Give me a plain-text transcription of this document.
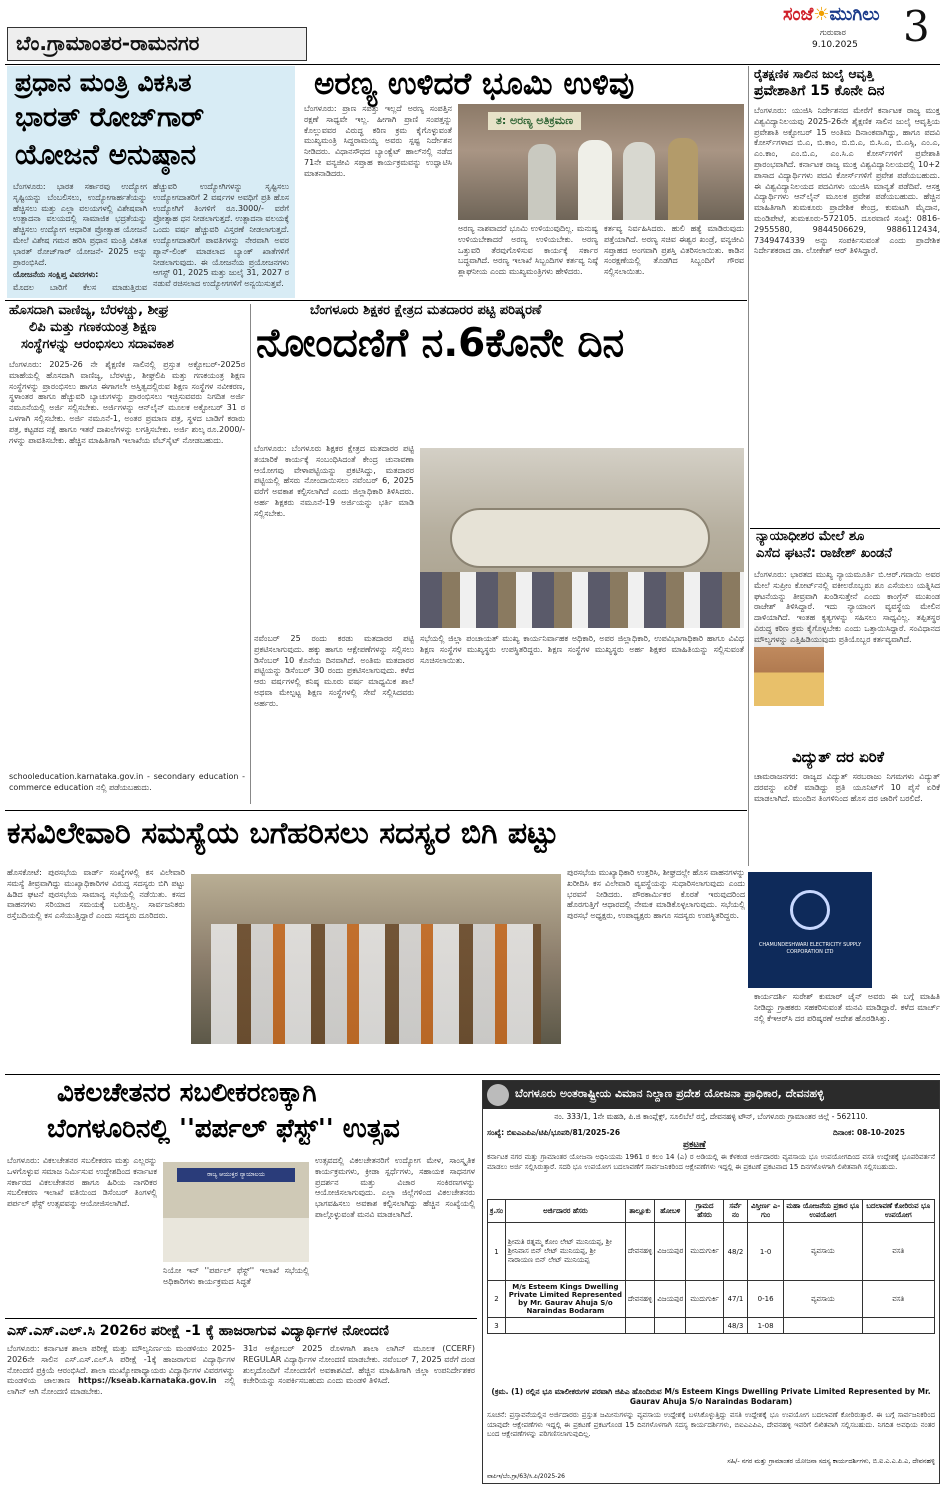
ಬೆಂ.ಗ್ರಾಮಾಂತರ-ರಾಮನಗರ
ಸಂಜೆ☀ಮುಗಿಲು
ಗುರುವಾರ
9.10.2025 3
ಪ್ರಧಾನ ಮಂತ್ರಿ ವಿಕಸಿತ
ಭಾರತ್ ರೋಜ್‌ಗಾರ್
ಯೋಜನೆ ಅನುಷ್ಠಾನ

ಬೆಂಗಳೂರು: ಭಾರತ ಸರ್ಕಾರವು ಉದ್ಯೋಗ ಸೃಷ್ಟಿಯನ್ನು ಬೆಂಬಲಿಸಲು, ಉದ್ಯೋಗಾರ್ಹತೆಯನ್ನು ಹೆಚ್ಚಿಸಲು ಮತ್ತು ಎಲ್ಲಾ ವಲಯಗಳಲ್ಲಿ ವಿಶೇಷವಾಗಿ ಉತ್ಪಾದನಾ ವಲಯದಲ್ಲಿ ಸಾಮಾಜಿಕ ಭದ್ರತೆಯನ್ನು ಹೆಚ್ಚಿಸಲು ಉದ್ಯೋಗ ಆಧಾರಿತ ಪ್ರೋತ್ಸಾಹ ಯೋಜನೆ ಮೇಲೆ ವಿಶೇಷ ಗಮನ ಹರಿಸಿ ಪ್ರಧಾನ ಮಂತ್ರಿ ವಿಕಸಿತ ಭಾರತ್ ರೋಜ್‌ಗಾರ್ ಯೋಜನೆ- 2025 ಅನ್ನು ಪ್ರಾರಂಭಿಸಿದೆ.

ಯೋಜನೆಯ ಸಂಕ್ಷಿಪ್ತ ವಿವರಗಳು:

ಮೊದಲ ಬಾರಿಗೆ ಕೆಲಸ ಮಾಡುತ್ತಿರುವ

ಹೆಚ್ಚುವರಿ ಉದ್ಯೋಗಿಗಳನ್ನು ಸೃಷ್ಟಿಸಲು ಉದ್ಯೋಗದಾತರಿಗೆ 2 ವರ್ಷಗಳ ಅವಧಿಗೆ ಪ್ರತಿ ಹೊಸ ಉದ್ಯೋಗಿಗೆ ತಿಂಗಳಿಗೆ ರೂ.3000/- ವರೆಗೆ ಪ್ರೋತ್ಸಾಹ ಧನ ನೀಡಲಾಗುತ್ತದೆ. ಉತ್ಪಾದನಾ ವಲಯಕ್ಕೆ ಒಂದು ವರ್ಷ ಹೆಚ್ಚುವರಿ ವಿಸ್ತರಣೆ ನೀಡಲಾಗುತ್ತದೆ. ಉದ್ಯೋಗದಾತರಿಗೆ ಪಾವತಿಗಳನ್ನು ನೇರವಾಗಿ ಅವರ ಪ್ಯಾನ್-ಲಿಂಕ್ ಮಾಡಲಾದ ಬ್ಯಾಂಕ್ ಖಾತೆಗಳಿಗೆ ನೀಡಲಾಗುವುದು. ಈ ಯೋಜನೆಯ ಪ್ರಯೋಜನಗಳು ಆಗಸ್ಟ್ 01, 2025 ಮತ್ತು ಜುಲೈ 31, 2027 ರ ನಡುವೆ ರಚಿಸಲಾದ ಉದ್ಯೋಗಗಳಿಗೆ ಅನ್ವಯಿಸುತ್ತವೆ.
ಅರಣ್ಯ ಉಳಿದರೆ ಭೂಮಿ ಉಳಿವು
ಬೆಂಗಳೂರು: ಪ್ರಾಣ ಸಪತ್ತು ಇಲ್ಲದೆ ಅರಣ್ಯ ಸಂಪತ್ತಿನ ರಕ್ಷಣೆ ಸಾಧ್ಯವೇ ಇಲ್ಲ. ಹೀಗಾಗಿ ಪ್ರಾಣಿ ಸಂಪತ್ತನ್ನು ಕೊಲ್ಲುವವರ ವಿರುದ್ಧ ಕಠಿಣ ಕ್ರಮ ಕೈಗೊಳ್ಳುವಂತೆ ಮುಖ್ಯಮಂತ್ರಿ ಸಿದ್ದರಾಮಯ್ಯ ಅವರು ಸ್ಪಷ್ಟ ನಿರ್ದೇಶನ ನೀಡಿದರು. ವಿಧಾನಸೌಧದ ಬ್ಯಾಂಕ್ವೆಟ್ ಹಾಲ್‌ನಲ್ಲಿ ನಡೆದ 71ನೇ ವನ್ಯಜೀವಿ ಸಪ್ತಾಹ ಕಾರ್ಯಕ್ರಮವನ್ನು ಉದ್ಘಾಟಿಸಿ ಮಾತನಾಡಿದರು.
ತ: ಅರಣ್ಯ ಅತಿಕ್ರಮಣ
ಅರಣ್ಯ ನಾಶವಾದರೆ ಭೂಮಿ ಉಳಿಯುವುದಿಲ್ಲ. ಮನುಷ್ಯ ಉಳಿಯಬೇಕಾದರೆ ಅರಣ್ಯ ಉಳಿಯಬೇಕು. ಅರಣ್ಯ ಒತ್ತುವರಿ ತೆರವುಗೊಳಿಸುವ ಕಾರ್ಯಕ್ಕೆ ಸರ್ಕಾರ ಬದ್ಧವಾಗಿದೆ. ಅರಣ್ಯ ಇಲಾಖೆ ಸಿಬ್ಬಂದಿಗಳ ಕರ್ತವ್ಯ ನಿಷ್ಠೆ ಶ್ಲಾಘನೀಯ ಎಂದು ಮುಖ್ಯಮಂತ್ರಿಗಳು ಹೇಳಿದರು.
ಕರ್ತವ್ಯ ನಿರ್ವಹಿಸಿದರು. ಹುಲಿ ಹತ್ಯೆ ಮಾಡಿರುವುದು ಪತ್ತೆಯಾಗಿದೆ. ಅರಣ್ಯ ಸಚಿವ ಈಶ್ವರ ಖಂಡ್ರೆ, ವನ್ಯಜೀವಿ ಸಪ್ತಾಹದ ಅಂಗವಾಗಿ ಪ್ರಶಸ್ತಿ ವಿತರಿಸಲಾಯಿತು. ಕಾಡಿನ ಸಂರಕ್ಷಣೆಯಲ್ಲಿ ತೊಡಗಿದ ಸಿಬ್ಬಂದಿಗೆ ಗೌರವ ಸಲ್ಲಿಸಲಾಯಿತು.
ರೈತ‌ಕ್ಷಣಿಕ ಸಾಲಿನ ಜುಲೈ ಆವೃತ್ತಿ
ಪ್ರವೇಶಾತಿಗೆ 15 ಕೊನೇ ದಿನ
ಬೆಂಗಳೂರು: ಯುಜಿಸಿ ನಿರ್ದೇಶನದ ಮೇರೆಗೆ ಕರ್ನಾಟಕ ರಾಜ್ಯ ಮುಕ್ತ ವಿಶ್ವವಿದ್ಯಾನಿಲಯವು 2025-26ನೇ ಶೈಕ್ಷಣಿಕ ಸಾಲಿನ ಜುಲೈ ಆವೃತ್ತಿಯ ಪ್ರವೇಶಾತಿ ಅಕ್ಟೋಬರ್ 15 ಅಂತಿಮ ದಿನಾಂಕವಾಗಿದ್ದು, ಹಾಗೂ ಪದವಿ ಕೋರ್ಸ್‌ಗಳಾದ ಬಿ.ಎ, ಬಿ.ಕಾಂ, ಬಿ.ಬಿ.ಎ, ಬಿ.ಸಿ.ಎ, ಬಿ.ಎಸ್ಸಿ, ಎಂ.ಎ, ಎಂ.ಕಾಂ, ಎಂ.ಬಿ.ಎ, ಎಂ.ಸಿ.ಎ ಕೋರ್ಸ್‌ಗಳಿಗೆ ಪ್ರವೇಶಾತಿ ಪ್ರಾರಂಭವಾಗಿದೆ. ಕರ್ನಾಟಕ ರಾಜ್ಯ ಮುಕ್ತ ವಿಶ್ವವಿದ್ಯಾನಿಲಯದಲ್ಲಿ 10+2 ಪಾಸಾದ ವಿದ್ಯಾರ್ಥಿಗಳು ಪದವಿ ಕೋರ್ಸ್‌ಗಳಿಗೆ ಪ್ರವೇಶ ಪಡೆಯಬಹುದು. ಈ ವಿಶ್ವವಿದ್ಯಾನಿಲಯದ ಪದವಿಗಳು ಯುಜಿಸಿ ಮಾನ್ಯತೆ ಪಡೆದಿವೆ. ಆಸಕ್ತ ವಿದ್ಯಾರ್ಥಿಗಳು ಆನ್‌ಲೈನ್ ಮೂಲಕ ಪ್ರವೇಶ ಪಡೆಯಬಹುದು. ಹೆಚ್ಚಿನ ಮಾಹಿತಿಗಾಗಿ ತುಮಕೂರು ಪ್ರಾದೇಶಿಕ ಕೇಂದ್ರ, ಕುಮಟಗಿ ಮೈದಾನ, ಮಂಡಿಪೇಟೆ, ತುಮಕೂರು-572105. ದೂರವಾಣಿ ಸಂಖ್ಯೆ: 0816-2955580, 9844506629, 9886112434, 7349474339 ಅನ್ನು ಸಂಪರ್ಕಿಸುವಂತೆ ಎಂದು ಪ್ರಾದೇಶಿಕ ನಿರ್ದೇಶಕರಾದ ಡಾ. ಲೋಕೇಶ್ ಆರ್ ತಿಳಿಸಿದ್ದಾರೆ.
ಹೊಸದಾಗಿ ವಾಣಿಜ್ಯ, ಬೆರಳಚ್ಚು, ಶೀಘ್ರ
ಲಿಪಿ ಮತ್ತು ಗಣಕಯಂತ್ರ ಶಿಕ್ಷಣ
ಸಂಸ್ಥೆಗಳನ್ನು ಆರಂಭಿಸಲು ಸದಾವಕಾಶ
ಬೆಂಗಳೂರು: 2025-26 ನೇ ಶೈಕ್ಷಣಿಕ ಸಾಲಿನಲ್ಲಿ ಪ್ರಸ್ತುತ ಅಕ್ಟೋಬರ್-2025ರ ಮಾಹೆಯಲ್ಲಿ ಹೊಸದಾಗಿ ವಾಣಿಜ್ಯ, ಬೆರಳಚ್ಚು, ಶೀಘ್ರಲಿಪಿ ಮತ್ತು ಗಣಕಯಂತ್ರ ಶಿಕ್ಷಣ ಸಂಸ್ಥೆಗಳನ್ನು ಪ್ರಾರಂಭಿಸಲು ಹಾಗೂ ಈಗಾಗಲೇ ಅಸ್ತಿತ್ವದಲ್ಲಿರುವ ಶಿಕ್ಷಣ ಸಂಸ್ಥೆಗಳ ನವೀಕರಣ, ಸ್ಥಳಾಂತರ ಹಾಗೂ ಹೆಚ್ಚುವರಿ ಬ್ಯಾಚುಗಳನ್ನು ಪ್ರಾರಂಭಿಸಲು ಇಚ್ಛಿಸುವವರು ನಿಗದಿತ ಅರ್ಜಿ ನಮೂನೆಯಲ್ಲಿ ಅರ್ಜಿ ಸಲ್ಲಿಸಬೇಕು. ಅರ್ಜಿಗಳನ್ನು ಆನ್‌ಲೈನ್ ಮೂಲಕ ಅಕ್ಟೋಬರ್ 31 ರ ಒಳಗಾಗಿ ಸಲ್ಲಿಸಬೇಕು. ಅರ್ಜಿ ನಮೂನೆ-1, ಅಂತರ ಪ್ರಮಾಣ ಪತ್ರ, ಸ್ಥಳದ ಬಾಡಿಗೆ ಕರಾರು ಪತ್ರ, ಕಟ್ಟಡದ ನಕ್ಷೆ ಹಾಗೂ ಇತರೆ ದಾಖಲೆಗಳನ್ನು ಲಗತ್ತಿಸಬೇಕು. ಅರ್ಜಿ ಶುಲ್ಕ ರೂ.2000/- ಗಳನ್ನು ಪಾವತಿಸಬೇಕು. ಹೆಚ್ಚಿನ ಮಾಹಿತಿಗಾಗಿ ಇಲಾಖೆಯ ವೆಬ್‌ಸೈಟ್ ನೋಡಬಹುದು.
schooleducation.karnataka.gov.in - secondary education - commerce education ನಲ್ಲಿ ಪಡೆಯಬಹುದು.
ಬೆಂಗಳೂರು ಶಿಕ್ಷಕರ ಕ್ಷೇತ್ರದ ಮತದಾರರ ಪಟ್ಟಿ ಪರಿಷ್ಕರಣೆ
ನೋಂದಣಿಗೆ ನ.6ಕೊನೇ ದಿನ
ಬೆಂಗಳೂರು: ಬೆಂಗಳೂರು ಶಿಕ್ಷಕರ ಕ್ಷೇತ್ರದ ಮತದಾರರ ಪಟ್ಟಿ ತಯಾರಿಕೆ ಕಾರ್ಯಕ್ಕೆ ಸಂಬಂಧಿಸಿದಂತೆ ಕೇಂದ್ರ ಚುನಾವಣಾ ಆಯೋಗವು ವೇಳಾಪಟ್ಟಿಯನ್ನು ಪ್ರಕಟಿಸಿದ್ದು, ಮತದಾರರ ಪಟ್ಟಿಯಲ್ಲಿ ಹೆಸರು ನೋಂದಾಯಿಸಲು ನವೆಂಬರ್ 6, 2025 ವರೆಗೆ ಅವಕಾಶ ಕಲ್ಪಿಸಲಾಗಿದೆ ಎಂದು ಜಿಲ್ಲಾಧಿಕಾರಿ ತಿಳಿಸಿದರು. ಅರ್ಹ ಶಿಕ್ಷಕರು ನಮೂನೆ-19 ಅರ್ಜಿಯನ್ನು ಭರ್ತಿ ಮಾಡಿ ಸಲ್ಲಿಸಬೇಕು.
ನವೆಂಬರ್ 25 ರಂದು ಕರಡು ಮತದಾರರ ಪಟ್ಟಿ ಪ್ರಕಟಿಸಲಾಗುವುದು. ಹಕ್ಕು ಹಾಗೂ ಆಕ್ಷೇಪಣೆಗಳನ್ನು ಸಲ್ಲಿಸಲು ಡಿಸೆಂಬರ್ 10 ಕೊನೆಯ ದಿನವಾಗಿದೆ. ಅಂತಿಮ ಮತದಾರರ ಪಟ್ಟಿಯನ್ನು ಡಿಸೆಂಬರ್ 30 ರಂದು ಪ್ರಕಟಿಸಲಾಗುವುದು. ಕಳೆದ ಆರು ವರ್ಷಗಳಲ್ಲಿ ಕನಿಷ್ಠ ಮೂರು ವರ್ಷ ಮಾಧ್ಯಮಿಕ ಶಾಲೆ ಅಥವಾ ಮೇಲ್ಪಟ್ಟ ಶಿಕ್ಷಣ ಸಂಸ್ಥೆಗಳಲ್ಲಿ ಸೇವೆ ಸಲ್ಲಿಸಿದವರು ಅರ್ಹರು.
ಸಭೆಯಲ್ಲಿ ಜಿಲ್ಲಾ ಪಂಚಾಯತ್ ಮುಖ್ಯ ಕಾರ್ಯನಿರ್ವಾಹಕ ಅಧಿಕಾರಿ, ಅಪರ ಜಿಲ್ಲಾಧಿಕಾರಿ, ಉಪವಿಭಾಗಾಧಿಕಾರಿ ಹಾಗೂ ವಿವಿಧ ಶಿಕ್ಷಣ ಸಂಸ್ಥೆಗಳ ಮುಖ್ಯಸ್ಥರು ಉಪಸ್ಥಿತರಿದ್ದರು. ಶಿಕ್ಷಣ ಸಂಸ್ಥೆಗಳ ಮುಖ್ಯಸ್ಥರು ಅರ್ಹ ಶಿಕ್ಷಕರ ಮಾಹಿತಿಯನ್ನು ಸಲ್ಲಿಸುವಂತೆ ಸೂಚಿಸಲಾಯಿತು.
ನ್ಯಾಯಾಧೀಶರ ಮೇಲೆ ಶೂ
ಎಸೆದ ಘಟನೆ: ರಾಜೇಶ್ ಖಂಡನೆ
ಬೆಂಗಳೂರು: ಭಾರತದ ಮುಖ್ಯ ನ್ಯಾಯಮೂರ್ತಿ ಬಿ.ಆರ್.ಗವಾಯಿ ಅವರ ಮೇಲೆ ಸುಪ್ರೀಂ ಕೋರ್ಟ್‌ನಲ್ಲಿ ವಕೀಲರೊಬ್ಬರು ಶೂ ಎಸೆಯಲು ಯತ್ನಿಸಿದ ಘಟನೆಯನ್ನು ತೀವ್ರವಾಗಿ ಖಂಡಿಸುತ್ತೇನೆ ಎಂದು ಕಾಂಗ್ರೆಸ್ ಮುಖಂಡ ರಾಜೇಶ್ ತಿಳಿಸಿದ್ದಾರೆ. ಇದು ನ್ಯಾಯಾಂಗ ವ್ಯವಸ್ಥೆಯ ಮೇಲಿನ ದಾಳಿಯಾಗಿದೆ. ಇಂತಹ ಕೃತ್ಯಗಳನ್ನು ಸಹಿಸಲು ಸಾಧ್ಯವಿಲ್ಲ. ತಪ್ಪಿತಸ್ಥರ ವಿರುದ್ಧ ಕಠಿಣ ಕ್ರಮ ಕೈಗೊಳ್ಳಬೇಕು ಎಂದು ಒತ್ತಾಯಿಸಿದ್ದಾರೆ. ಸಂವಿಧಾನದ ಮೌಲ್ಯಗಳನ್ನು ಎತ್ತಿಹಿಡಿಯುವುದು ಪ್ರತಿಯೊಬ್ಬರ ಕರ್ತವ್ಯವಾಗಿದೆ.
ವಿದ್ಯುತ್ ದರ ಏರಿಕೆ
ಚಾಮರಾಜನಗರ: ರಾಜ್ಯದ ವಿದ್ಯುತ್ ಸರಬರಾಜು ನಿಗಮಗಳು ವಿದ್ಯುತ್ ದರವನ್ನು ಏರಿಕೆ ಮಾಡಿದ್ದು ಪ್ರತಿ ಯೂನಿಟ್‌ಗೆ 10 ಪೈಸೆ ಏರಿಕೆ ಮಾಡಲಾಗಿದೆ. ಮುಂದಿನ ತಿಂಗಳಿನಿಂದ ಹೊಸ ದರ ಜಾರಿಗೆ ಬರಲಿದೆ.
CHAMUNDESHWARI ELECTRICITY SUPPLY CORPORATION LTD
ಕಾರ್ಯದರ್ಶಿ ಸುರೇಶ್ ಕುಮಾರ್ ಜೈನ್ ಅವರು ಈ ಬಗ್ಗೆ ಮಾಹಿತಿ ನೀಡಿದ್ದು ಗ್ರಾಹಕರು ಸಹಕರಿಸುವಂತೆ ಮನವಿ ಮಾಡಿದ್ದಾರೆ. ಕಳೆದ ಮಾರ್ಚ್ ನಲ್ಲಿ ಕೆಇಆರ್‌ಸಿ ದರ ಪರಿಷ್ಕರಣೆ ಆದೇಶ ಹೊರಡಿಸಿತ್ತು.
ಕಸವಿಲೇವಾರಿ ಸಮಸ್ಯೆಯ ಬಗೆಹರಿಸಲು ಸದಸ್ಯರ ಬಿಗಿ ಪಟ್ಟು
ಹೊಸಕೋಟೆ: ಪುರಸಭೆಯ ವಾರ್ಡ್ ಸಂಖ್ಯೆಗಳಲ್ಲಿ ಕಸ ವಿಲೇವಾರಿ ಸಮಸ್ಯೆ ತೀವ್ರವಾಗಿದ್ದು ಮುಖ್ಯಾಧಿಕಾರಿಗಳ ವಿರುದ್ಧ ಸದಸ್ಯರು ಬಿಗಿ ಪಟ್ಟು ಹಿಡಿದ ಘಟನೆ ಪುರಸಭೆಯ ಸಾಮಾನ್ಯ ಸಭೆಯಲ್ಲಿ ನಡೆಯಿತು. ಕಸದ ವಾಹನಗಳು ಸರಿಯಾದ ಸಮಯಕ್ಕೆ ಬರುತ್ತಿಲ್ಲ. ಸಾರ್ವಜನಿಕರು ರಸ್ತೆಬದಿಯಲ್ಲಿ ಕಸ ಎಸೆಯುತ್ತಿದ್ದಾರೆ ಎಂದು ಸದಸ್ಯರು ದೂರಿದರು.
ಪುರಸಭೆಯ ಮುಖ್ಯಾಧಿಕಾರಿ ಉತ್ತರಿಸಿ, ಶೀಘ್ರದಲ್ಲೇ ಹೊಸ ವಾಹನಗಳನ್ನು ಖರೀದಿಸಿ ಕಸ ವಿಲೇವಾರಿ ವ್ಯವಸ್ಥೆಯನ್ನು ಸುಧಾರಿಸಲಾಗುವುದು ಎಂದು ಭರವಸೆ ನೀಡಿದರು. ಪೌರಕಾರ್ಮಿಕರ ಕೊರತೆ ಇರುವುದರಿಂದ ಹೊರಗುತ್ತಿಗೆ ಆಧಾರದಲ್ಲಿ ನೇಮಕ ಮಾಡಿಕೊಳ್ಳಲಾಗುವುದು. ಸಭೆಯಲ್ಲಿ ಪುರಸಭೆ ಅಧ್ಯಕ್ಷರು, ಉಪಾಧ್ಯಕ್ಷರು ಹಾಗೂ ಸದಸ್ಯರು ಉಪಸ್ಥಿತರಿದ್ದರು.
ವಿಕಲಚೇತನರ ಸಬಲೀಕರಣಕ್ಕಾಗಿ
ಬೆಂಗಳೂರಿನಲ್ಲಿ ''ಪರ್ಪಲ್ ಫೆಸ್ಟ್'' ಉತ್ಸವ
ಬೆಂಗಳೂರು: ವಿಕಲಚೇತನರ ಸಬಲೀಕರಣ ಮತ್ತು ಎಲ್ಲರನ್ನು ಒಳಗೊಳ್ಳುವ ಸಮಾಜ ನಿರ್ಮಿಸುವ ಉದ್ದೇಶದಿಂದ ಕರ್ನಾಟಕ ಸರ್ಕಾರದ ವಿಕಲಚೇತನರ ಹಾಗೂ ಹಿರಿಯ ನಾಗರಿಕರ ಸಬಲೀಕರಣ ಇಲಾಖೆ ವತಿಯಿಂದ ಡಿಸೆಂಬರ್ ತಿಂಗಳಲ್ಲಿ ಪರ್ಪಲ್ ಫೆಸ್ಟ್ ಉತ್ಸವವನ್ನು ಆಯೋಜಿಸಲಾಗಿದೆ.
ರಾಜ್ಯ ಆಯುಕ್ತರ ನ್ಯಾಯಾಲಯ
ನಿಯೋ ಇನ್ ''ಪರ್ಪಲ್ ಫೆಸ್ಟ್'' ಇಲಾಖೆ ಸಭೆಯಲ್ಲಿ ಅಧಿಕಾರಿಗಳು ಕಾರ್ಯಕ್ರಮದ ಸಿದ್ಧತೆ
ಉತ್ಸವದಲ್ಲಿ ವಿಕಲಚೇತನರಿಗೆ ಉದ್ಯೋಗ ಮೇಳ, ಸಾಂಸ್ಕೃತಿಕ ಕಾರ್ಯಕ್ರಮಗಳು, ಕ್ರೀಡಾ ಸ್ಪರ್ಧೆಗಳು, ಸಹಾಯಕ ಸಾಧನಗಳ ಪ್ರದರ್ಶನ ಮತ್ತು ವಿಚಾರ ಸಂಕಿರಣಗಳನ್ನು ಆಯೋಜಿಸಲಾಗುವುದು. ಎಲ್ಲಾ ಜಿಲ್ಲೆಗಳಿಂದ ವಿಕಲಚೇತನರು ಭಾಗವಹಿಸಲು ಅವಕಾಶ ಕಲ್ಪಿಸಲಾಗಿದ್ದು ಹೆಚ್ಚಿನ ಸಂಖ್ಯೆಯಲ್ಲಿ ಪಾಲ್ಗೊಳ್ಳುವಂತೆ ಮನವಿ ಮಾಡಲಾಗಿದೆ.
ಎಸ್.ಎಸ್.ಎಲ್.ಸಿ 2026ರ ಪರೀಕ್ಷೆ -1 ಕ್ಕೆ ಹಾಜರಾಗುವ ವಿದ್ಯಾರ್ಥಿಗಳ ನೋಂದಣಿ
ಬೆಂಗಳೂರು: ಕರ್ನಾಟಕ ಶಾಲಾ ಪರೀಕ್ಷೆ ಮತ್ತು ಮೌಲ್ಯನಿರ್ಣಯ ಮಂಡಳಿಯು 2025-2026ನೇ ಸಾಲಿನ ಎಸ್.ಎಸ್.ಎಲ್.ಸಿ ಪರೀಕ್ಷೆ -1ಕ್ಕೆ ಹಾಜರಾಗುವ ವಿದ್ಯಾರ್ಥಿಗಳ ನೋಂದಣಿ ಪ್ರಕ್ರಿಯೆ ಆರಂಭಿಸಿದೆ. ಶಾಲಾ ಮುಖ್ಯೋಪಾಧ್ಯಾಯರು ವಿದ್ಯಾರ್ಥಿಗಳ ವಿವರಗಳನ್ನು ಮಂಡಳಿಯ ಜಾಲತಾಣ https://kseab.karnataka.gov.in ನಲ್ಲಿ ಲಾಗಿನ್ ಆಗಿ ನೋಂದಣಿ ಮಾಡಬೇಕು.
31ರ ಅಕ್ಟೋಬರ್ 2025 ರೊಳಗಾಗಿ ಶಾಲಾ ಲಾಗಿನ್ ಮೂಲಕ (CCERF) REGULAR ವಿದ್ಯಾರ್ಥಿಗಳ ನೋಂದಣಿ ಮಾಡಬೇಕು. ನವೆಂಬರ್ 7, 2025 ವರೆಗೆ ದಂಡ ಶುಲ್ಕದೊಂದಿಗೆ ನೋಂದಣಿಗೆ ಅವಕಾಶವಿದೆ. ಹೆಚ್ಚಿನ ಮಾಹಿತಿಗಾಗಿ ಜಿಲ್ಲಾ ಉಪನಿರ್ದೇಶಕರ ಕಚೇರಿಯನ್ನು ಸಂಪರ್ಕಿಸಬಹುದು ಎಂದು ಮಂಡಳಿ ತಿಳಿಸಿದೆ.
ಬೆಂಗಳೂರು ಅಂತರಾಷ್ಟ್ರೀಯ ವಿಮಾನ ನಿಲ್ದಾಣ ಪ್ರದೇಶ ಯೋಜನಾ ಪ್ರಾಧಿಕಾರ, ದೇವನಹಳ್ಳಿ
ನಂ. 333/1, 1ನೇ ಮಹಡಿ, ಪಿ.ಜಿ ಕಾಂಪ್ಲೆಕ್ಸ್, ಸೂಲಿಬೆಲೆ ರಸ್ತೆ, ದೇವನಹಳ್ಳಿ ಟೌನ್, ಬೆಂಗಳೂರು ಗ್ರಾಮಾಂತರ ಜಿಲ್ಲೆ - 562110.
ಸಂಖ್ಯೆ: ಬಿಐಎಎಪಿಎ/ಟಿಪಿ/ಭೂಪರಿ/81/2025-26	ದಿನಾಂಕ: 08-10-2025
ಪ್ರಕಟಣೆ
ಕರ್ನಾಟಕ ನಗರ ಮತ್ತು ಗ್ರಾಮಾಂತರ ಯೋಜನಾ ಅಧಿನಿಯಮ 1961 ರ ಕಲಂ 14 (ಎ) ರ ಅಡಿಯಲ್ಲಿ ಈ ಕೆಳಕಂಡ ಅರ್ಜಿದಾರರು ವ್ಯವಸಾಯ ಭೂ ಉಪಯೋಗದಿಂದ ವಸತಿ ಉದ್ದೇಶಕ್ಕೆ ಭೂಪರಿವರ್ತನೆ ಮಾಡಲು ಅರ್ಜಿ ಸಲ್ಲಿಸಿರುತ್ತಾರೆ. ಸದರಿ ಭೂ ಉಪಯೋಗ ಬದಲಾವಣೆಗೆ ಸಾರ್ವಜನಿಕರಿಂದ ಆಕ್ಷೇಪಣೆಗಳು ಇದ್ದಲ್ಲಿ ಈ ಪ್ರಕಟಣೆ ಪ್ರಕಟವಾದ 15 ದಿನಗಳೊಳಗಾಗಿ ಲಿಖಿತವಾಗಿ ಸಲ್ಲಿಸಬಹುದು.
ಕ್ರ.ಸಂ	ಅರ್ಜಿದಾರರ ಹೆಸರು	ತಾಲ್ಲೂಕು	ಹೋಬಳಿ	ಗ್ರಾಮದ ಹೆಸರು	ಸರ್ವೆ ನಂ	ವಿಸ್ತೀರ್ಣ ಎ-ಗುಂ	ಮಹಾ ಯೋಜನೆಯ ಪ್ರಕಾರ ಭೂ ಉಪಯೋಗ	ಬದಲಾವಣೆ ಕೋರಿರುವ ಭೂ ಉಪಯೋಗ
1	ಶ್ರೀಮತಿ ರತ್ನಮ್ಮ ಕೋಂ ಲೇಟ್ ಮುನಿಯಪ್ಪ, ಶ್ರೀ ಶ್ರೀನಿವಾಸ ಬಿನ್ ಲೇಟ್ ಮುನಿಯಪ್ಪ, ಶ್ರೀ ನಾರಾಯಣ ಬಿನ್ ಲೇಟ್ ಮುನಿಯಪ್ಪ	ದೇವನಹಳ್ಳಿ	ವಿಜಯಪುರ	ಮುದುಗುರ್ಕಿ	48/2	1-0	ವ್ಯವಸಾಯ	ವಸತಿ
2	M/s Esteem Kings Dwelling Private Limited Represented by Mr. Gaurav Ahuja S/o Naraindas Bodaram	ದೇವನಹಳ್ಳಿ	ವಿಜಯಪುರ	ಮುದುಗುರ್ಕಿ	47/1	0-16	ವ್ಯವಸಾಯ	ವಸತಿ
3					48/3	1-08		
(ಕ್ರಮ. (1) ರಲ್ಲಿನ ಭೂ ಮಾಲೀಕರುಗಳ ಪರವಾಗಿ ಜಿಪಿಎ ಹೊಂದಿರುವ M/s Esteem Kings Dwelling Private Limited Represented by Mr. Gaurav Ahuja S/o Naraindas Bodaram)
ಸೂಚನೆ: ಪ್ರಸ್ತಾವನೆಯಲ್ಲಿನ ಅರ್ಜಿದಾರರು ಪ್ರಸ್ತುತ ಜಮೀನುಗಳನ್ನು ವ್ಯವಸಾಯ ಉದ್ದೇಶಕ್ಕೆ ಬಳಸಿಕೊಳ್ಳುತ್ತಿದ್ದು ವಸತಿ ಉದ್ದೇಶಕ್ಕೆ ಭೂ ಉಪಯೋಗ ಬದಲಾವಣೆ ಕೋರಿರುತ್ತಾರೆ. ಈ ಬಗ್ಗೆ ಸಾರ್ವಜನಿಕರಿಂದ ಯಾವುದೇ ಆಕ್ಷೇಪಣೆಗಳು ಇದ್ದಲ್ಲಿ ಈ ಪ್ರಕಟಣೆ ಪ್ರಕಟಗೊಂಡ 15 ದಿನಗಳೊಳಗಾಗಿ ಸದಸ್ಯ ಕಾರ್ಯದರ್ಶಿಗಳು, ಬಿಐಎಎಪಿಎ, ದೇವನಹಳ್ಳಿ ಇವರಿಗೆ ಲಿಖಿತವಾಗಿ ಸಲ್ಲಿಸಬಹುದು. ನಿಗದಿತ ಅವಧಿಯ ನಂತರ ಬಂದ ಆಕ್ಷೇಪಣೆಗಳನ್ನು ಪರಿಗಣಿಸಲಾಗುವುದಿಲ್ಲ.
ಸಹಿ/- ನಗರ ಮತ್ತು ಗ್ರಾಮಾಂತರ ಯೋಜನಾ ಸದಸ್ಯ ಕಾರ್ಯದರ್ಶಿಗಳು, ಬಿ.ಐ.ಎ.ಎ.ಪಿ.ಎ, ದೇವನಹಳ್ಳಿ
ವಾಪಿಇ/ಬೆಂ.ಗ್ರಾ/63/ಸಿ.ಪಿ/2025-26
